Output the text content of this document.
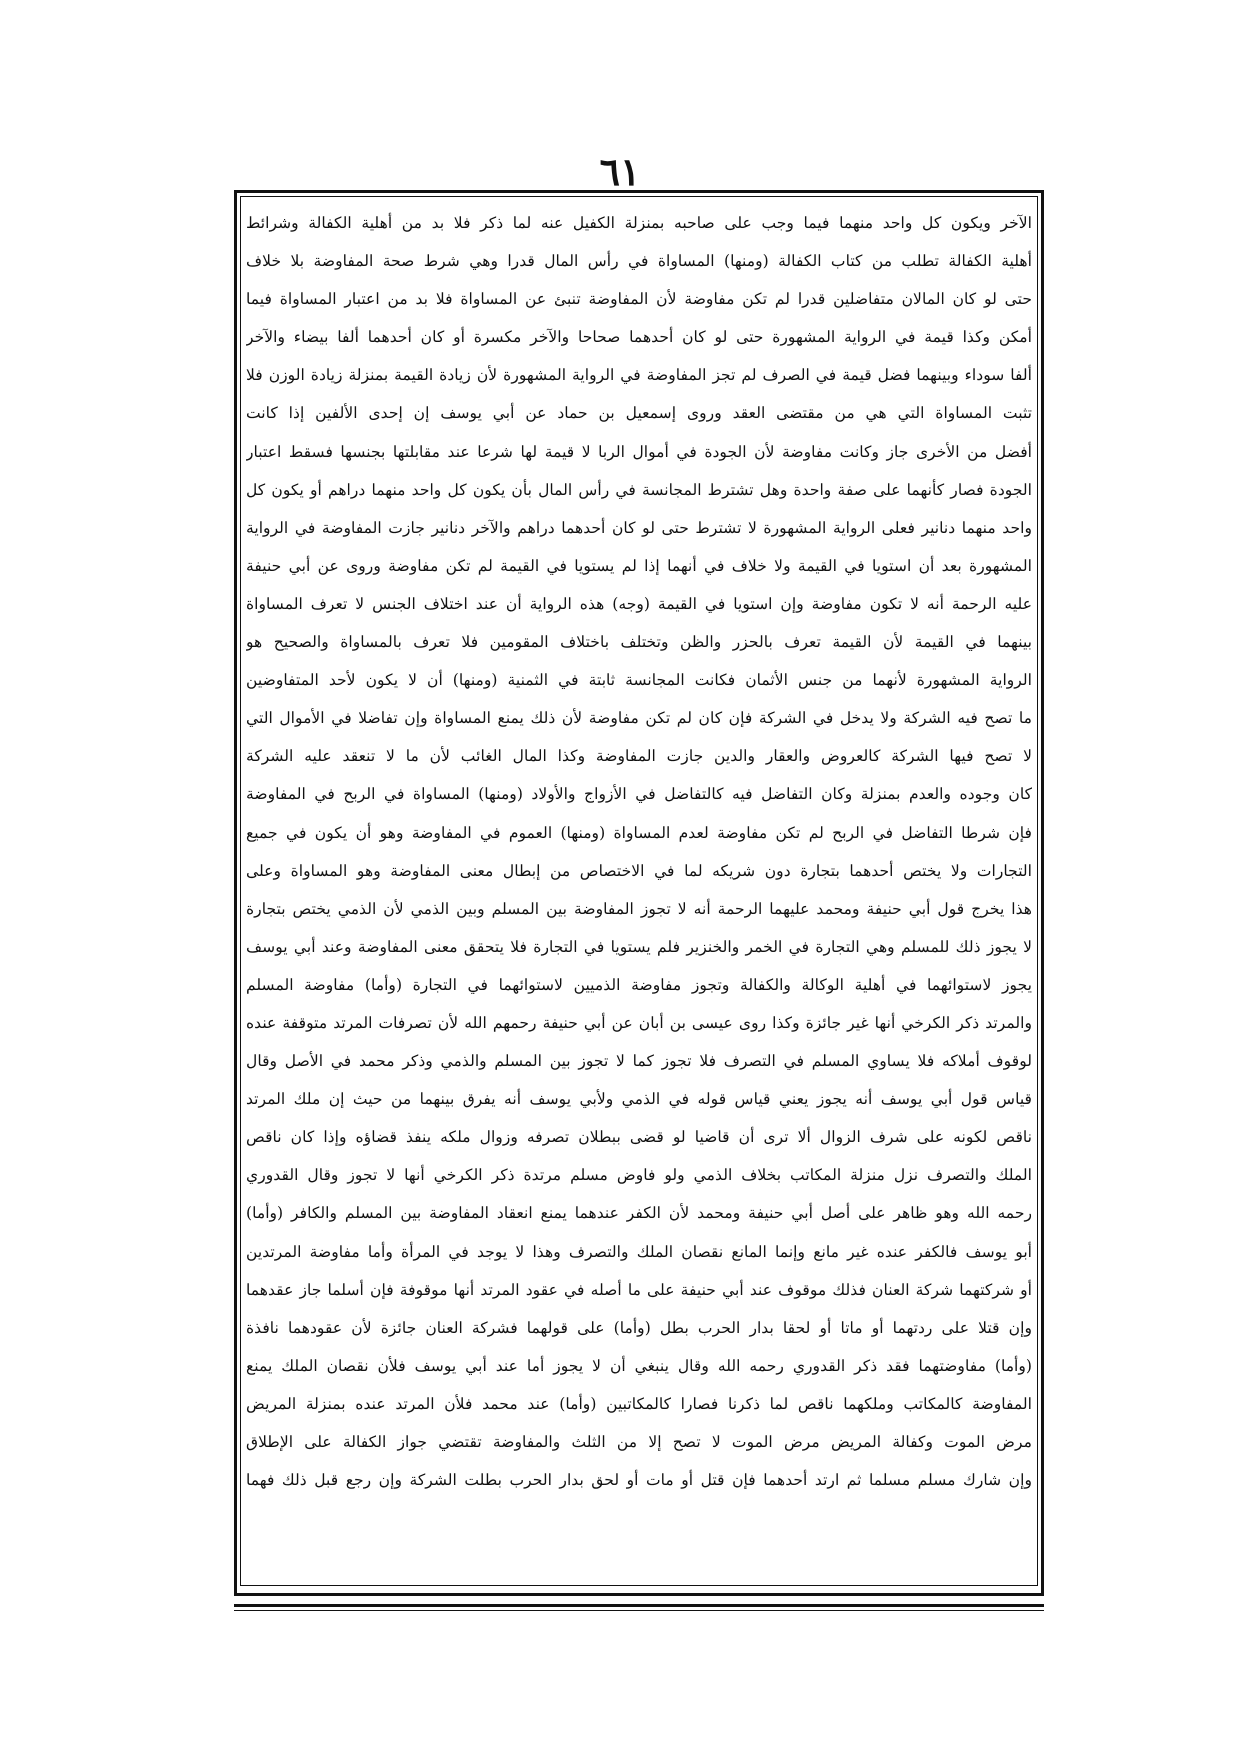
٦١
الآخر ويكون كل واحد منهما فيما وجب على صاحبه بمنزلة الكفيل عنه لما ذكر فلا بد من أهلية الكفالة وشرائط
أهلية الكفالة تطلب من كتاب الكفالة (ومنها) المساواة في رأس المال قدرا وهي شرط صحة المفاوضة بلا خلاف
حتى لو كان المالان متفاضلين قدرا لم تكن مفاوضة لأن المفاوضة تنبئ عن المساواة فلا بد من اعتبار المساواة فيما
أمكن وكذا قيمة في الرواية المشهورة حتى لو كان أحدهما صحاحا والآخر مكسرة أو كان أحدهما ألفا بيضاء والآخر
ألفا سوداء وبينهما فضل قيمة في الصرف لم تجز المفاوضة في الرواية المشهورة لأن زيادة القيمة بمنزلة زيادة الوزن فلا
تثبت المساواة التي هي من مقتضى العقد وروى إسمعيل بن حماد عن أبي يوسف إن إحدى الألفين إذا كانت
أفضل من الأخرى جاز وكانت مفاوضة لأن الجودة في أموال الربا لا قيمة لها شرعا عند مقابلتها بجنسها فسقط اعتبار
الجودة فصار كأنهما على صفة واحدة وهل تشترط المجانسة في رأس المال بأن يكون كل واحد منهما دراهم أو يكون كل
واحد منهما دنانير فعلى الرواية المشهورة لا تشترط حتى لو كان أحدهما دراهم والآخر دنانير جازت المفاوضة في الرواية
المشهورة بعد أن استويا في القيمة ولا خلاف في أنهما إذا لم يستويا في القيمة لم تكن مفاوضة وروى عن أبي حنيفة
عليه الرحمة أنه لا تكون مفاوضة وإن استويا في القيمة (وجه) هذه الرواية أن عند اختلاف الجنس لا تعرف المساواة
بينهما في القيمة لأن القيمة تعرف بالحزر والظن وتختلف باختلاف المقومين فلا تعرف بالمساواة والصحيح هو
الرواية المشهورة لأنهما من جنس الأثمان فكانت المجانسة ثابتة في الثمنية (ومنها) أن لا يكون لأحد المتفاوضين
ما تصح فيه الشركة ولا يدخل في الشركة فإن كان لم تكن مفاوضة لأن ذلك يمنع المساواة وإن تفاضلا في الأموال التي
لا تصح فيها الشركة كالعروض والعقار والدين جازت المفاوضة وكذا المال الغائب لأن ما لا تنعقد عليه الشركة
كان وجوده والعدم بمنزلة وكان التفاضل فيه كالتفاضل في الأزواج والأولاد (ومنها) المساواة في الربح في المفاوضة
فإن شرطا التفاضل في الربح لم تكن مفاوضة لعدم المساواة (ومنها) العموم في المفاوضة وهو أن يكون في جميع
التجارات ولا يختص أحدهما بتجارة دون شريكه لما في الاختصاص من إبطال معنى المفاوضة وهو المساواة وعلى
هذا يخرج قول أبي حنيفة ومحمد عليهما الرحمة أنه لا تجوز المفاوضة بين المسلم وبين الذمي لأن الذمي يختص بتجارة
لا يجوز ذلك للمسلم وهي التجارة في الخمر والخنزير فلم يستويا في التجارة فلا يتحقق معنى المفاوضة وعند أبي يوسف
يجوز لاستوائهما في أهلية الوكالة والكفالة وتجوز مفاوضة الذميين لاستوائهما في التجارة (وأما) مفاوضة المسلم
والمرتد ذكر الكرخي أنها غير جائزة وكذا روى عيسى بن أبان عن أبي حنيفة رحمهم الله لأن تصرفات المرتد متوقفة عنده
لوقوف أملاكه فلا يساوي المسلم في التصرف فلا تجوز كما لا تجوز بين المسلم والذمي وذكر محمد في الأصل وقال
قياس قول أبي يوسف أنه يجوز يعني قياس قوله في الذمي ولأبي يوسف أنه يفرق بينهما من حيث إن ملك المرتد
ناقص لكونه على شرف الزوال ألا ترى أن قاضيا لو قضى ببطلان تصرفه وزوال ملكه ينفذ قضاؤه وإذا كان ناقص
الملك والتصرف نزل منزلة المكاتب بخلاف الذمي ولو فاوض مسلم مرتدة ذكر الكرخي أنها لا تجوز وقال القدوري
رحمه الله وهو ظاهر على أصل أبي حنيفة ومحمد لأن الكفر عندهما يمنع انعقاد المفاوضة بين المسلم والكافر (وأما)
أبو يوسف فالكفر عنده غير مانع وإنما المانع نقصان الملك والتصرف وهذا لا يوجد في المرأة وأما مفاوضة المرتدين
أو شركتهما شركة العنان فذلك موقوف عند أبي حنيفة على ما أصله في عقود المرتد أنها موقوفة فإن أسلما جاز عقدهما
وإن قتلا على ردتهما أو ماتا أو لحقا بدار الحرب بطل (وأما) على قولهما فشركة العنان جائزة لأن عقودهما نافذة
(وأما) مفاوضتهما فقد ذكر القدوري رحمه الله وقال ينبغي أن لا يجوز أما عند أبي يوسف فلأن نقصان الملك يمنع
المفاوضة كالمكاتب وملكهما ناقص لما ذكرنا فصارا كالمكاتبين (وأما) عند محمد فلأن المرتد عنده بمنزلة المريض
مرض الموت وكفالة المريض مرض الموت لا تصح إلا من الثلث والمفاوضة تقتضي جواز الكفالة على الإطلاق
وإن شارك مسلم مسلما ثم ارتد أحدهما فإن قتل أو مات أو لحق بدار الحرب بطلت الشركة وإن رجع قبل ذلك فهما
